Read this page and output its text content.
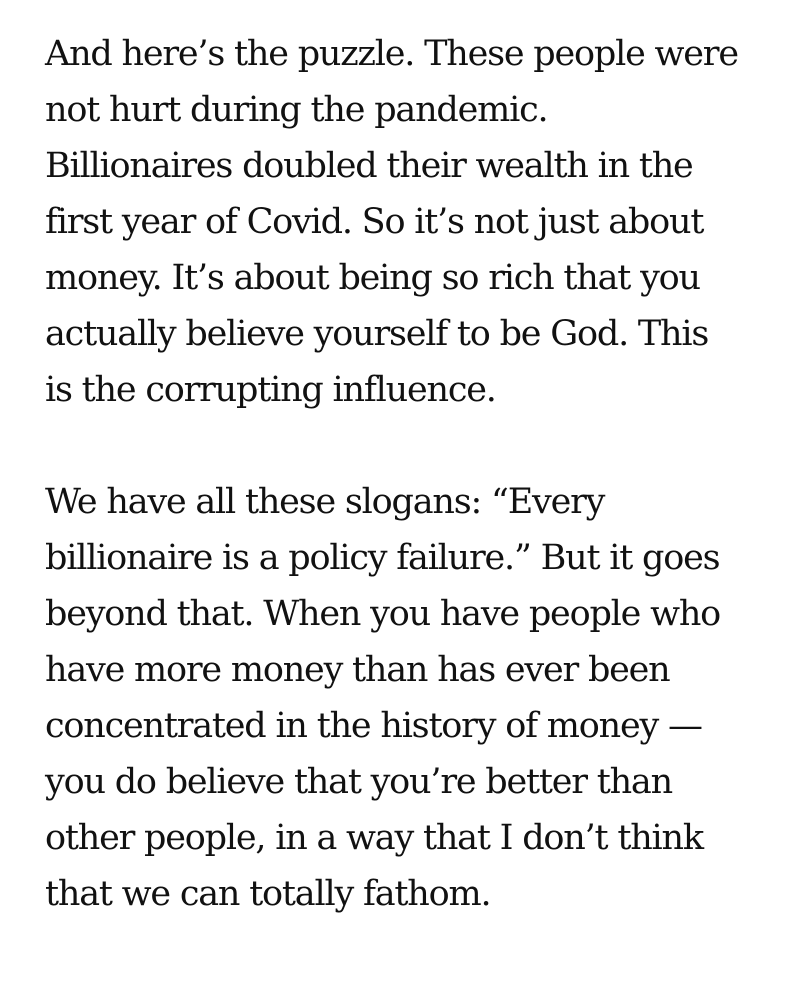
And here’s the puzzle. These people were
not hurt during the pandemic.
Billionaires doubled their wealth in the
first year of Covid. So it’s not just about
money. It’s about being so rich that you
actually believe yourself to be God. This
is the corrupting influence.

We have all these slogans: “Every
billionaire is a policy failure.” But it goes
beyond that. When you have people who
have more money than has ever been
concentrated in the history of money —
you do believe that you’re better than
other people, in a way that I don’t think
that we can totally fathom.
